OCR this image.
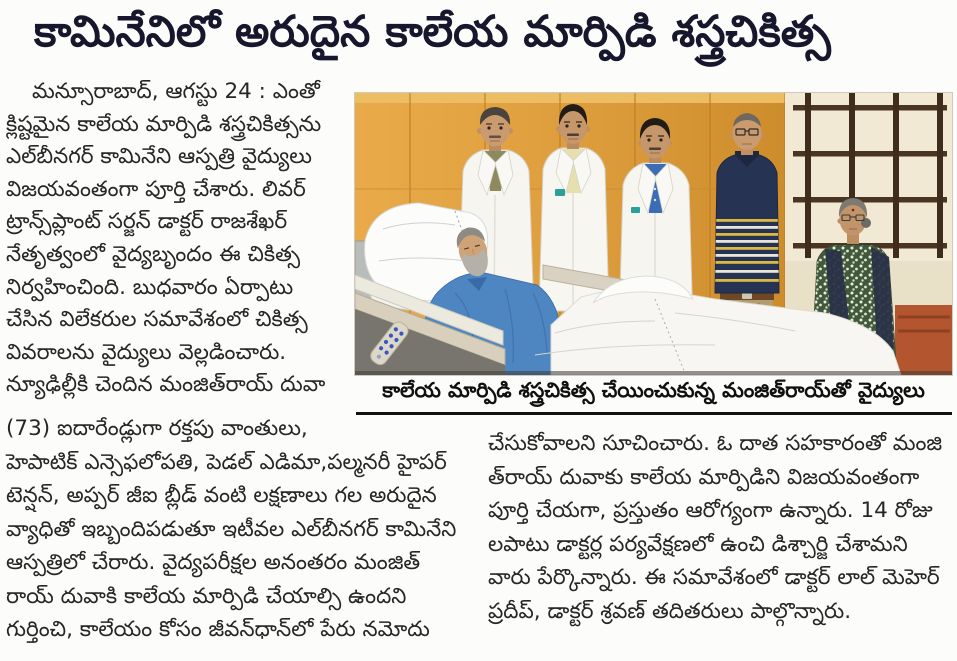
కామినేనిలో అరుదైన కాలేయ మార్పిడి శస్త్రచికిత్స
మన్సూరాబాద్‌, ఆగస్టు 24 : ఎంతో
క్లిష్టమైన కాలేయ మార్పిడి శస్త్రచికిత్సను
ఎల్‌బీనగర్ కామినేని ఆస్పత్రి వైద్యులు
విజయవంతంగా పూర్తి చేశారు. లివర్
ట్రాన్స్‌ప్లాంట్ సర్జన్ డాక్టర్ రాజశేఖర్
నేతృత్వంలో వైద్యబృందం ఈ చికిత్స
నిర్వహించింది. బుధవారం ఏర్పాటు
చేసిన విలేకరుల సమావేశంలో చికిత్స
వివరాలను వైద్యులు వెల్లడించారు.
న్యూఢిల్లీకి చెందిన మంజిత్‌రాయ్ దువా	కాలేయ మార్పిడి శస్త్రచికిత్స చేయించుకున్న మంజిత్‌రాయ్‌తో వైద్యులు
(73) ఐదారేండ్లుగా రక్తపు వాంతులు,
హెపాటిక్ ఎన్సెఫలోపతి, పెడల్ ఎడిమా,పల్మనరీ హైపర్
టెన్షన్, అప్పర్ జీఐ బ్లీడ్ వంటి లక్షణాలు గల అరుదైన
వ్యాధితో ఇబ్బందిపడుతూ ఇటీవల ఎల్‌బీనగర్ కామినేని
ఆస్పత్రిలో చేరారు. వైద్యపరీక్షల అనంతరం మంజిత్
రాయ్ దువాకి కాలేయ మార్పిడి చేయాల్సి ఉందని
గుర్తించి, కాలేయం కోసం జీవన్‌ధాన్‌లో పేరు నమోదు
చేసుకోవాలని సూచించారు. ఓ దాత సహకారంతో మంజి
త్‌రాయ్ దువాకు కాలేయ మార్పిడిని విజయవంతంగా
పూర్తి చేయగా, ప్రస్తుతం ఆరోగ్యంగా ఉన్నారు. 14 రోజు
లపాటు డాక్టర్ల పర్యవేక్షణలో ఉంచి డిశ్చార్జి చేశామని
వారు పేర్కొన్నారు. ఈ సమావేశంలో డాక్టర్ లాల్ మెహెర్
ప్రదీప్, డాక్టర్ శ్రవణ్ తదితరులు పాల్గొన్నారు.
